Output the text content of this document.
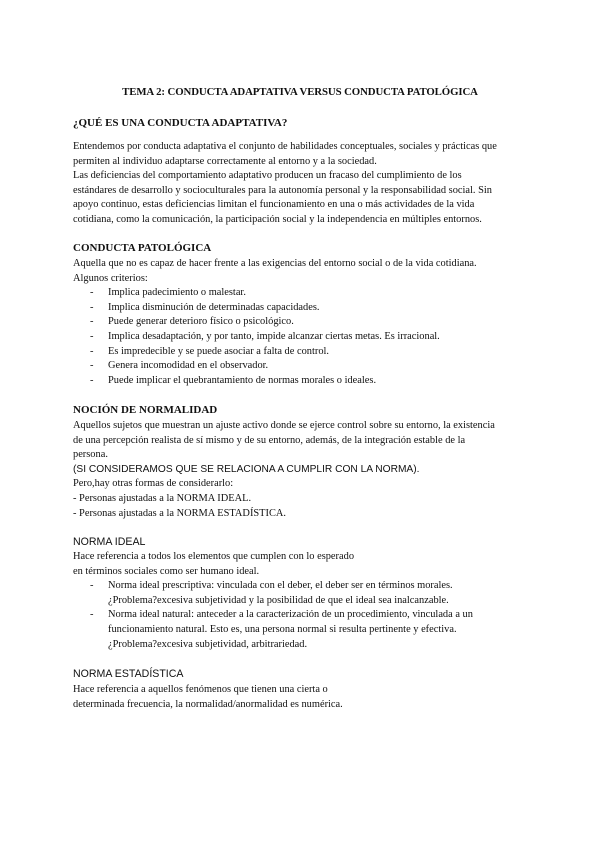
TEMA 2: CONDUCTA ADAPTATIVA VERSUS CONDUCTA PATOLÓGICA
¿QUÉ ES UNA CONDUCTA ADAPTATIVA?

Entendemos por conducta adaptativa el conjunto de habilidades conceptuales, sociales y prácticas que

permiten al individuo adaptarse correctamente al entorno y a la sociedad.

Las deficiencias del comportamiento adaptativo producen un fracaso del cumplimiento de los

estándares de desarrollo y socioculturales para la autonomía personal y la responsabilidad social. Sin

apoyo continuo, estas deficiencias limitan el funcionamiento en una o más actividades de la vida

cotidiana, como la comunicación, la participación social y la independencia en múltiples entornos.

CONDUCTA PATOLÓGICA

Aquella que no es capaz de hacer frente a las exigencias del entorno social o de la vida cotidiana.

Algunos criterios:

- Implica padecimiento o malestar.
- Implica disminución de determinadas capacidades.
- Puede generar deterioro físico o psicológico.
- Implica desadaptación, y por tanto, impide alcanzar ciertas metas. Es irracional.
- Es impredecible y se puede asociar a falta de control.
- Genera incomodidad en el observador.
- Puede implicar el quebrantamiento de normas morales o ideales.
NOCIÓN DE NORMALIDAD

Aquellos sujetos que muestran un ajuste activo donde se ejerce control sobre su entorno, la existencia

de una percepción realista de sí mismo y de su entorno, además, de la integración estable de la

persona.

(SI CONSIDERAMOS QUE SE RELACIONA A CUMPLIR CON LA NORMA).

Pero,hay otras formas de considerarlo:

- Personas ajustadas a la NORMA IDEAL.

- Personas ajustadas a la NORMA ESTADÍSTICA.

NORMA IDEAL

Hace referencia a todos los elementos que cumplen con lo esperado

en términos sociales como ser humano ideal.

- Norma ideal prescriptiva: vinculada con el deber, el deber ser en términos morales.
¿Problema?excesiva subjetividad y la posibilidad de que el ideal sea inalcanzable.
- Norma ideal natural: anteceder a la caracterización de un procedimiento, vinculada a un
funcionamiento natural. Esto es, una persona normal si resulta pertinente y efectiva.
¿Problema?excesiva subjetividad, arbitrariedad.
NORMA ESTADÍSTICA

Hace referencia a aquellos fenómenos que tienen una cierta o

determinada frecuencia, la normalidad/anormalidad es numérica.
